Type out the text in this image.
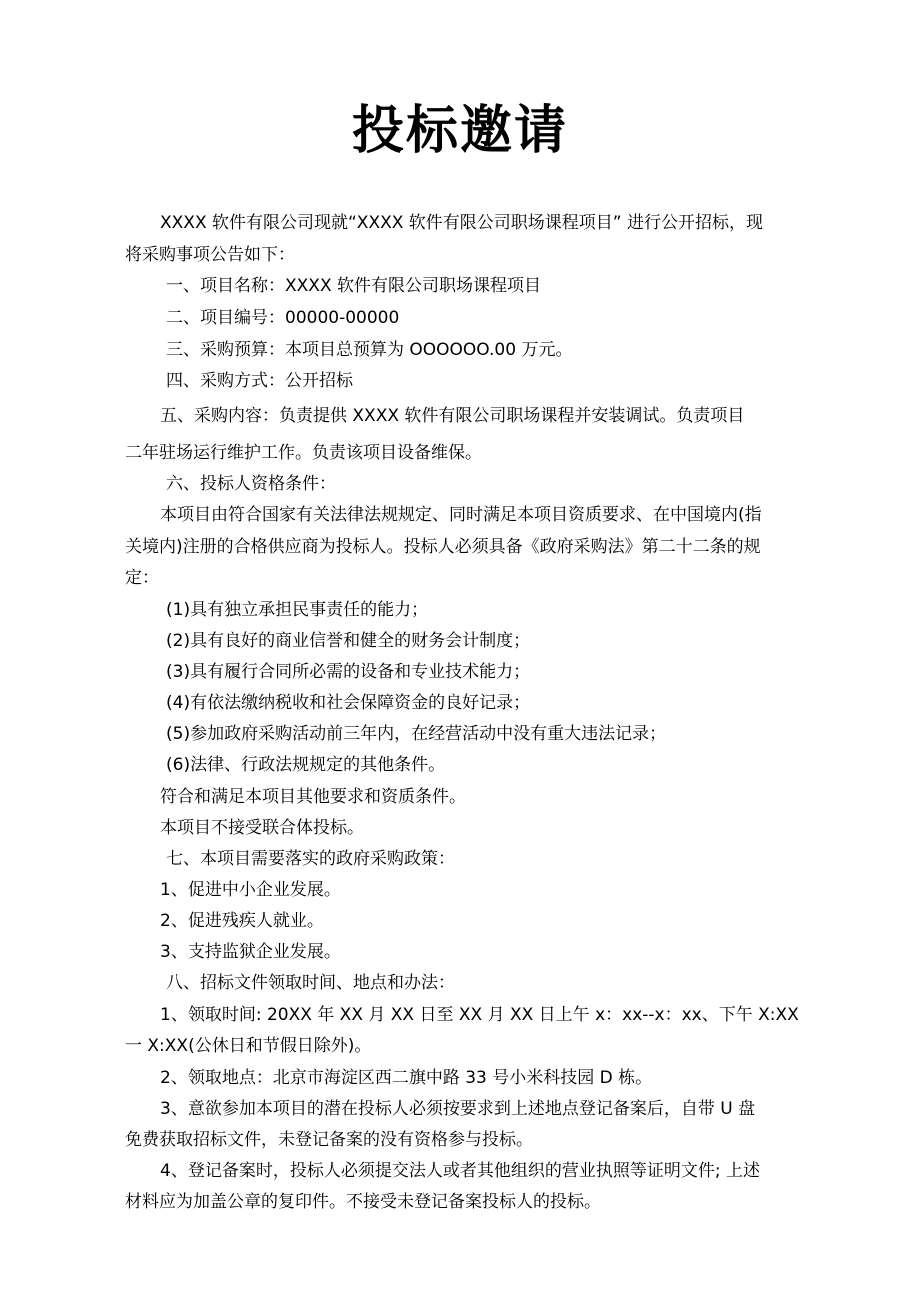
投标邀请
XXXX 软件有限公司现就“XXXX 软件有限公司职场课程项目” 进行公开招标，现
将采购事项公告如下：
一、项目名称：XXXX 软件有限公司职场课程项目
二、项目编号：00000-00000
三、采购预算：本项目总预算为 OOOOOO.00 万元。
四、采购方式：公开招标
五、采购内容：负责提供 XXXX 软件有限公司职场课程并安装调试。负责项目
二年驻场运行维护工作。负责该项目设备维保。
六、投标人资格条件：
本项目由符合国家有关法律法规规定、同时满足本项目资质要求、在中国境内(指
关境内)注册的合格供应商为投标人。投标人必须具备《政府采购法》第二十二条的规
定：
(1)具有独立承担民事责任的能力；
(2)具有良好的商业信誉和健全的财务会计制度；
(3)具有履行合同所必需的设备和专业技术能力；
(4)有依法缴纳税收和社会保障资金的良好记录；
(5)参加政府采购活动前三年内，在经营活动中没有重大违法记录；
(6)法律、行政法规规定的其他条件。
符合和满足本项目其他要求和资质条件。
本项目不接受联合体投标。
七、本项目需要落实的政府采购政策：
1、促进中小企业发展。
2、促进残疾人就业。
3、支持监狱企业发展。
八、招标文件领取时间、地点和办法：
1、领取时间: 20XX 年 XX 月 XX 日至 XX 月 XX 日上午 x：xx--x：xx、下午 X:XX
一 X:XX(公休日和节假日除外)。
2、领取地点：北京市海淀区西二旗中路 33 号小米科技园 D 栋。
3、意欲参加本项目的潜在投标人必须按要求到上述地点登记备案后，自带 U 盘
免费获取招标文件，未登记备案的没有资格参与投标。
4、登记备案时，投标人必须提交法人或者其他组织的营业执照等证明文件; 上述
材料应为加盖公章的复印件。不接受未登记备案投标人的投标。
